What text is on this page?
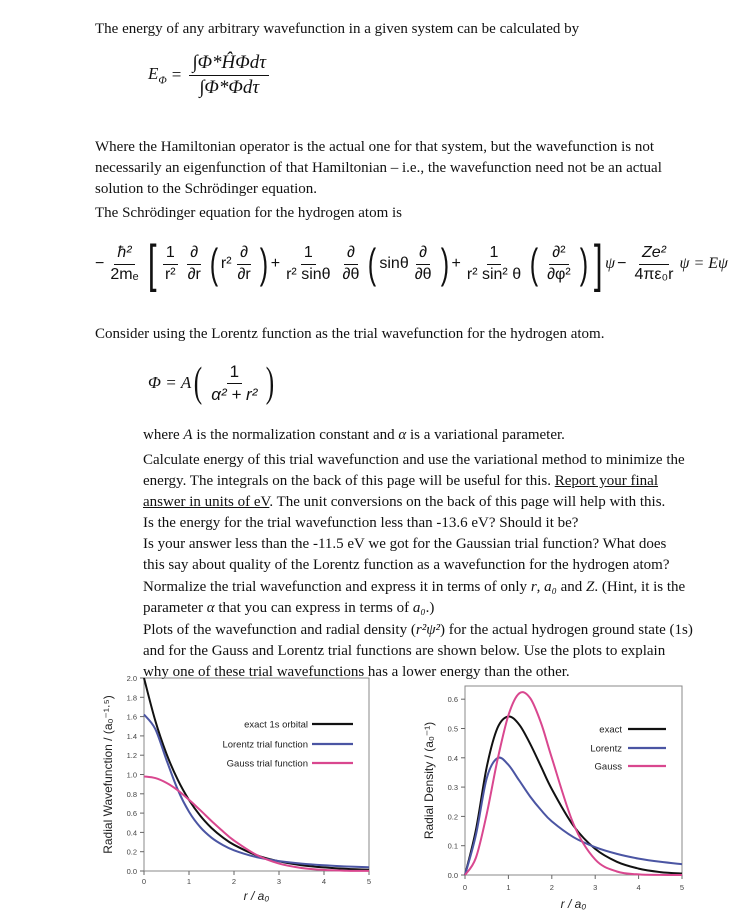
The energy of any arbitrary wavefunction in a given system can be calculated by
$E_\Phi = \frac{\text{∫Φ*ĤΦdτ}}{\text{∫Φ*Φdτ}}$
Where the Hamiltonian operator is the actual one for that system, but the wavefunction is not
necessarily an eigenfunction of that Hamiltonian – i.e., the wavefunction need not be an actual
solution to the Schrödinger equation.
The Schrödinger equation for the hydrogen atom is
− $\frac{\text{ħ²}}{\text{2mₑ}}$ [ $\frac{1}{\text{r²}} \frac{\partial}{\partial r}$ ( $r^2 \frac{\partial}{\partial r}$ ) + $\frac{1}{\text{r² sinθ}} \frac{\partial}{\partial\theta}$ ( sinθ $\frac{\partial}{\partial\theta}$ ) + $\frac{1}{\text{r² sin² θ}}$ ( $\frac{\text{∂²}}{\text{∂φ²}}$ ) ] $\psi - \frac{\text{Ze²}}{\text{4πε₀r}}$ ψ = Eψ
Consider using the Lorentz function as the trial wavefunction for the hydrogen atom.
Φ = A ( $\frac{1}{\text{α² + r²}}$ )
where A is the normalization constant and α is a variational parameter.
Calculate energy of this trial wavefunction and use the variational method to minimize the
energy. The integrals on the back of this page will be useful for this. Report your final
answer in units of eV. The unit conversions on the back of this page will help with this.
Is the energy for the trial wavefunction less than -13.6 eV? Should it be?
Is your answer less than the -11.5 eV we got for the Gaussian trial function? What does
this say about quality of the Lorentz function as a wavefunction for the hydrogen atom?
Normalize the trial wavefunction and express it in terms of only r, a₀ and Z. (Hint, it is the
parameter α that you can express in terms of a₀.)
Plots of the wavefunction and radial density (r²ψ²) for the actual hydrogen ground state (1s)
and for the Gauss and Lorentz trial functions are shown below. Use the plots to explain
why one of these trial wavefunctions has a lower energy than the other.
0.0
0.2
0.4
0.6
0.8
1.0
1.2
1.4
1.6
1.8
2.0
0	1	2	3	4	5
r / a₀
Radial Wavefunction / (a₀⁻¹·⁵)	exact 1s orbital
Lorentz trial function
Gauss trial function
0.0
0.1
0.2
0.3
0.4
0.5
0.6
0	1	2	3	4	5
r / a₀
Radial Density / (a₀⁻¹)	exact
Lorentz
Gauss
